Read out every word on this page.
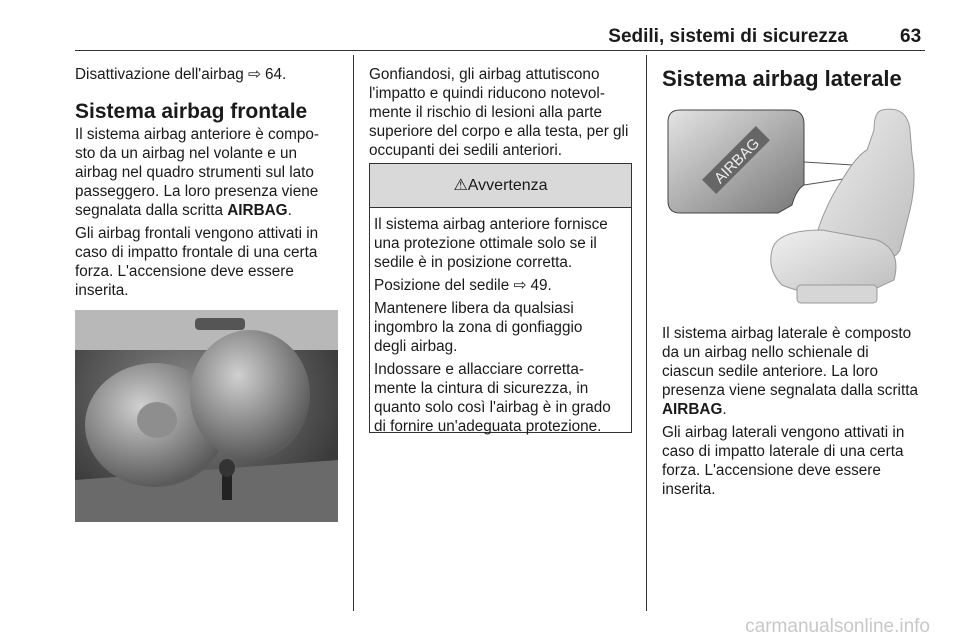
Sedili, sistemi di sicurezza	63
Disattivazione dell'airbag ⇨ 64.
Sistema airbag frontale
Il sistema airbag anteriore è compo-
sto da un airbag nel volante e un
airbag nel quadro strumenti sul lato
passeggero. La loro presenza viene
segnalata dalla scritta AIRBAG.
Gli airbag frontali vengono attivati in
caso di impatto frontale di una certa
forza. L'accensione deve essere
inserita.
Gonfiandosi, gli airbag attutiscono
l'impatto e quindi riducono notevol-
mente il rischio di lesioni alla parte
superiore del corpo e alla testa, per gli
occupanti dei sedili anteriori.
⚠Avvertenza
Il sistema airbag anteriore fornisce
una protezione ottimale solo se il
sedile è in posizione corretta.
Posizione del sedile ⇨ 49.
Mantenere libera da qualsiasi
ingombro la zona di gonfiaggio
degli airbag.
Indossare e allacciare corretta-
mente la cintura di sicurezza, in
quanto solo così l'airbag è in grado
di fornire un'adeguata protezione.
Sistema airbag laterale
AIRBAG
Il sistema airbag laterale è composto
da un airbag nello schienale di
ciascun sedile anteriore. La loro
presenza viene segnalata dalla scritta
AIRBAG.
Gli airbag laterali vengono attivati in
caso di impatto laterale di una certa
forza. L'accensione deve essere
inserita.
carmanualsonline.info
